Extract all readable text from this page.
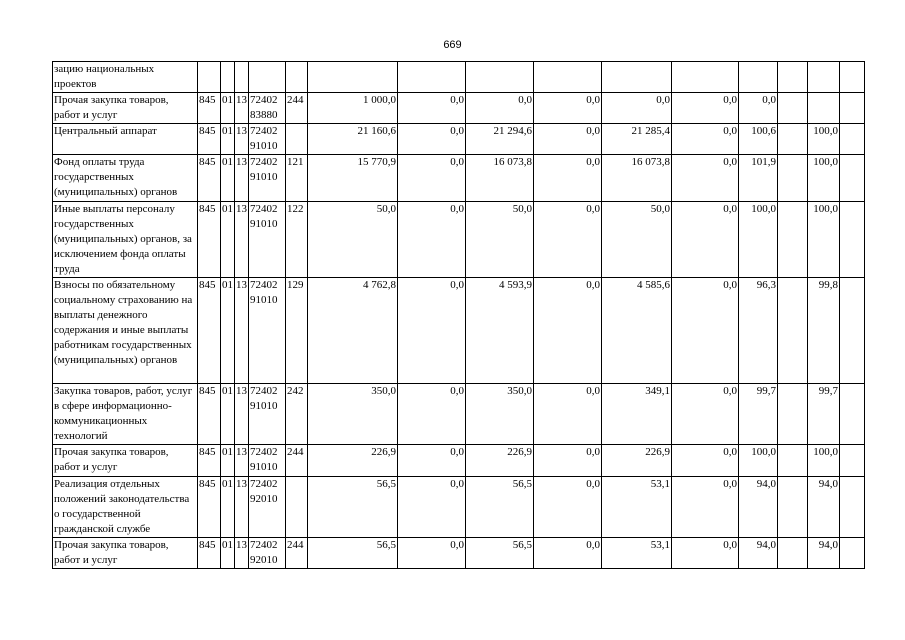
669
зацию национальных проектов															
Прочая закупка товаров, работ и услуг	845	01	13	72402 83880	244	1 000,0	0,0	0,0	0,0	0,0	0,0	0,0			
Центральный аппарат	845	01	13	72402 91010		21 160,6	0,0	21 294,6	0,0	21 285,4	0,0	100,6		100,0	
Фонд оплаты труда государственных (муниципальных) органов	845	01	13	72402 91010	121	15 770,9	0,0	16 073,8	0,0	16 073,8	0,0	101,9		100,0	
Иные выплаты персоналу государственных (муниципальных) органов, за исключением фонда оплаты труда	845	01	13	72402 91010	122	50,0	0,0	50,0	0,0	50,0	0,0	100,0		100,0	
Взносы по обязательному социальному страхованию на выплаты денежного содержания и иные выплаты работникам государственных (муниципальных) органов	845	01	13	72402 91010	129	4 762,8	0,0	4 593,9	0,0	4 585,6	0,0	96,3		99,8	
Закупка товаров, работ, услуг в сфере информационно-коммуникационных технологий	845	01	13	72402 91010	242	350,0	0,0	350,0	0,0	349,1	0,0	99,7		99,7	
Прочая закупка товаров, работ и услуг	845	01	13	72402 91010	244	226,9	0,0	226,9	0,0	226,9	0,0	100,0		100,0	
Реализация отдельных положений законодательства о государственной гражданской службе	845	01	13	72402 92010		56,5	0,0	56,5	0,0	53,1	0,0	94,0		94,0	
Прочая закупка товаров, работ и услуг	845	01	13	72402 92010	244	56,5	0,0	56,5	0,0	53,1	0,0	94,0		94,0	
